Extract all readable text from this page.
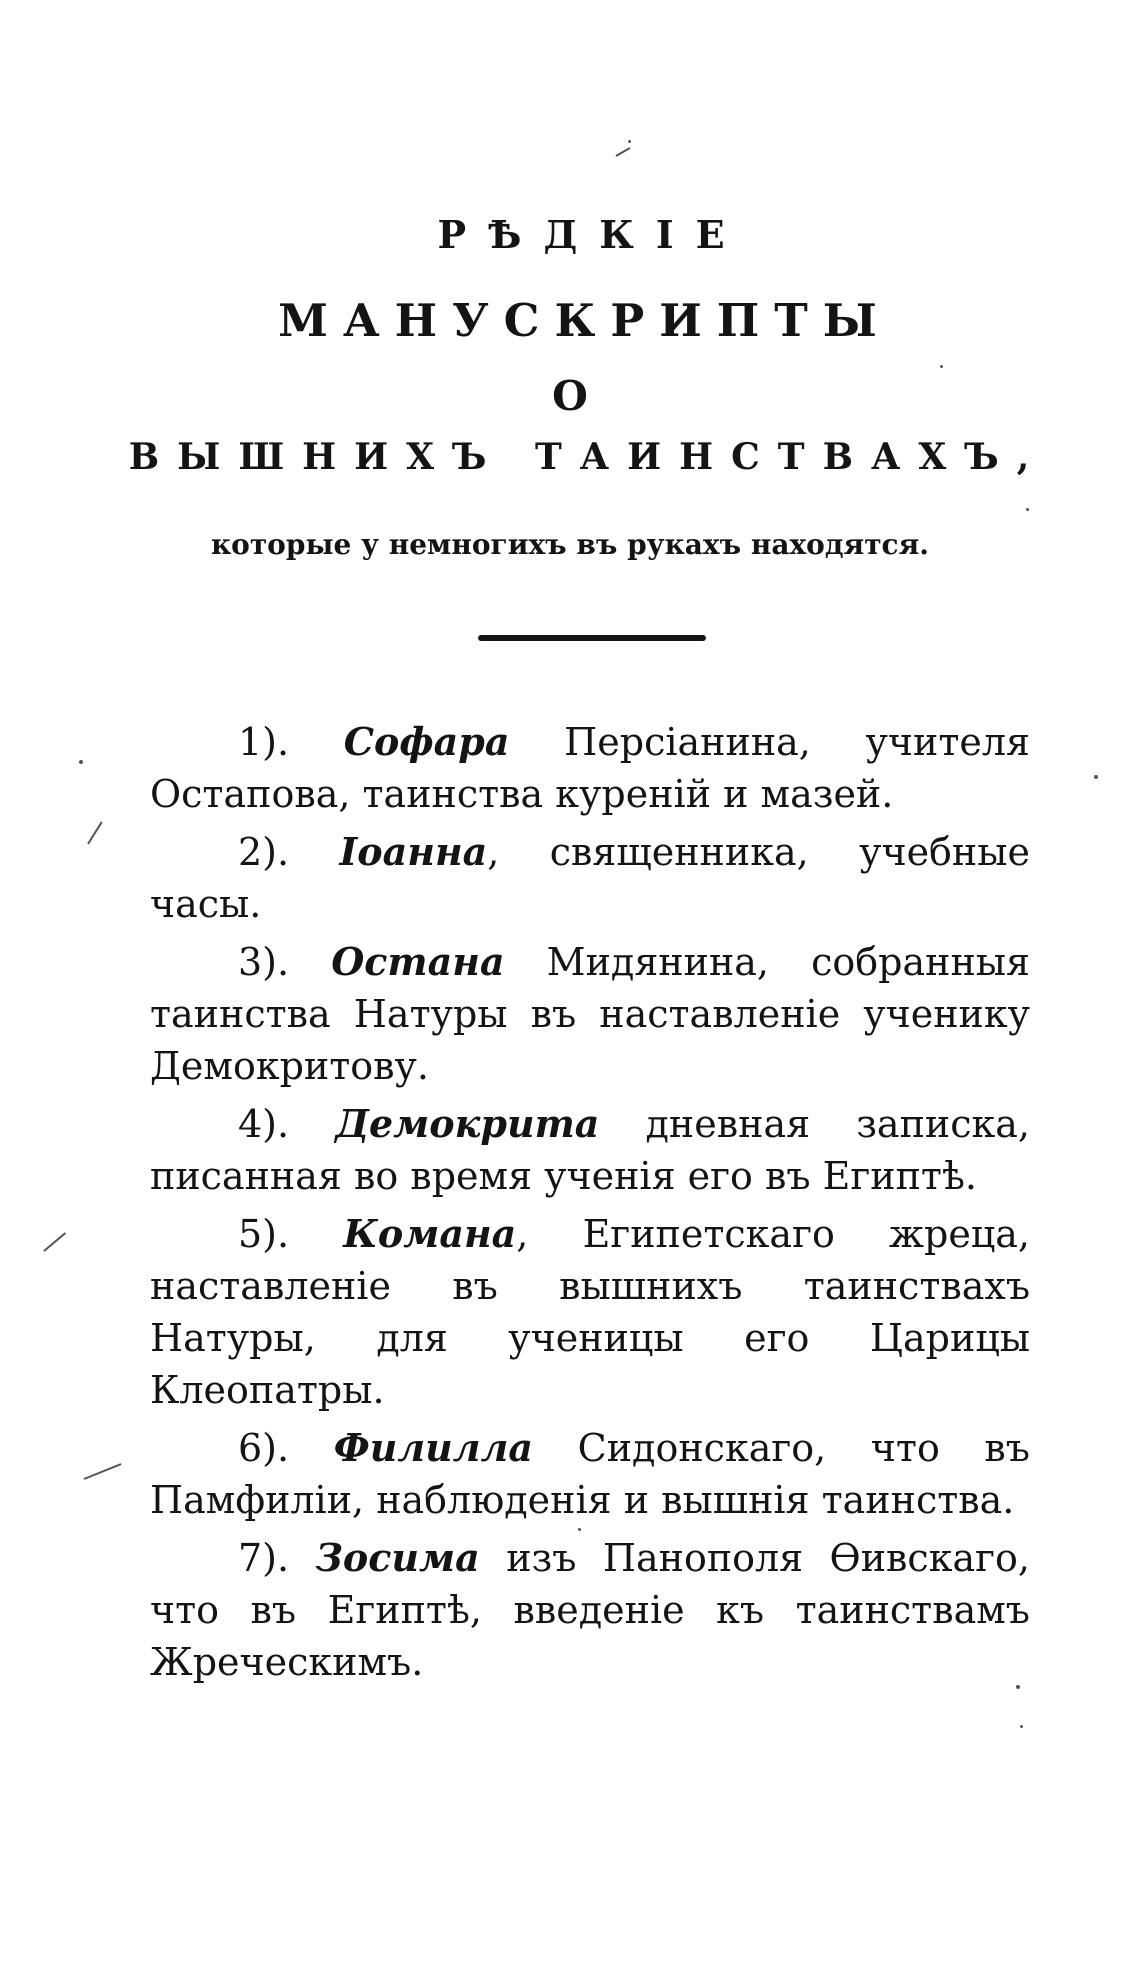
РѢДКІЕ
МАНУСКРИПТЫ
О
ВЫШНИХЪ ТАИНСТВАХЪ,
которые у немногихъ въ рукахъ находятся.

1). Софара Персіанина, учителя Остапова, таинства куреній и мазей.

2). Іоанна, священника, учебные часы.

3). Остана Мидянина, собранныя таинства Натуры въ наставленіе ученику Демокритову.

4). Демокрита дневная записка, писанная во время ученія его въ Египтѣ.

5). Комана, Египетскаго жреца, наставленіе въ вышнихъ таинствахъ Натуры, для ученицы его Царицы Клеопатры.

6). Филилла Сидонскаго, что въ Памфиліи, наблюденія и вышнія таинства.

7). Зосима изъ Панополя Ѳивскаго, что въ Египтѣ, введеніе къ таинствамъ Жреческимъ.
